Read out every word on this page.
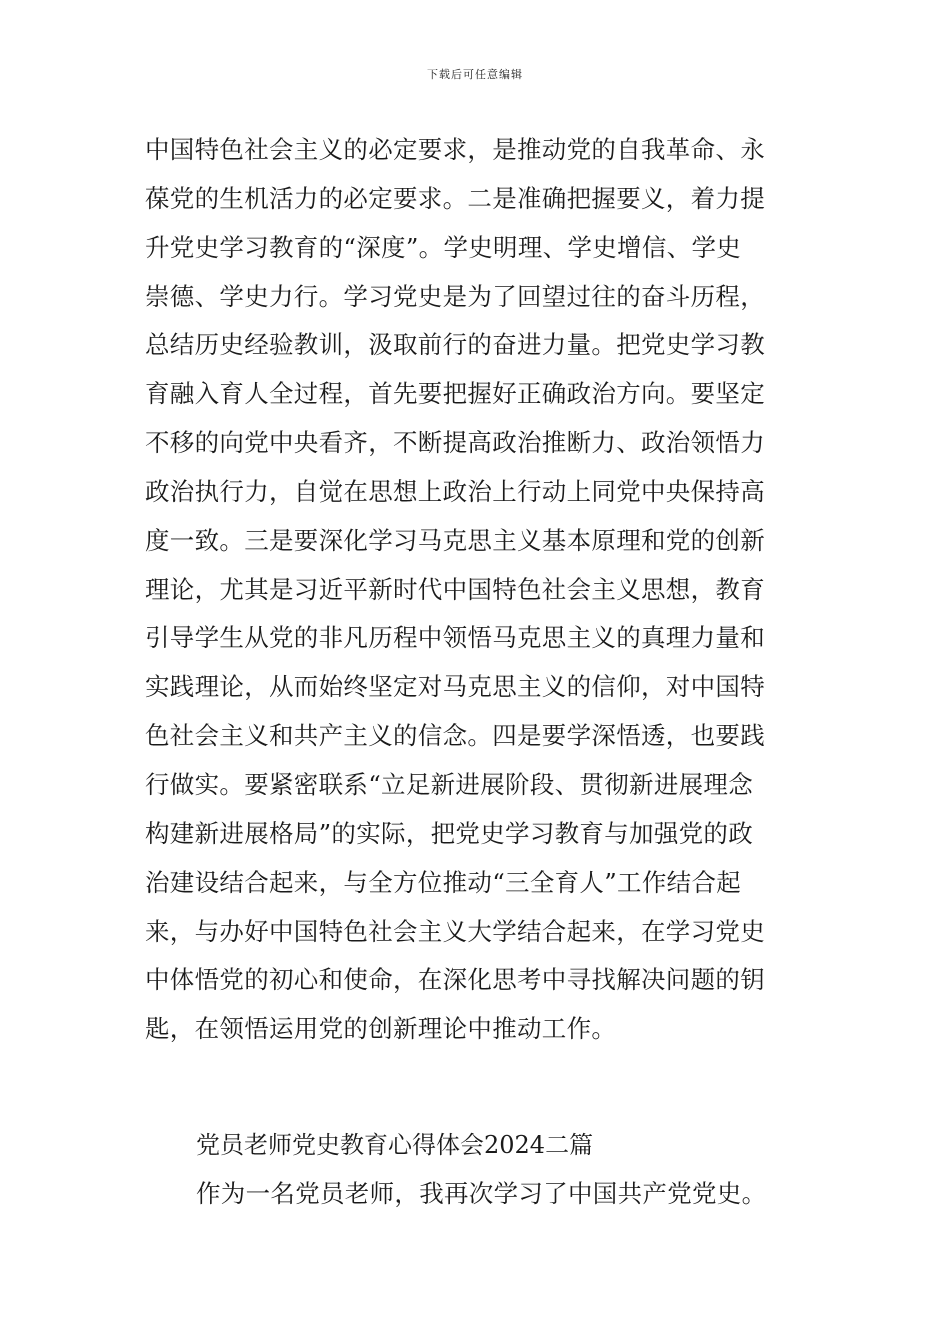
下载后可任意编辑
中国特色社会主义的必定要求，是推动党的自我革命、永
葆党的生机活力的必定要求。二是准确把握要义，着力提
升党史学习教育的“深度”。学史明理、学史增信、学史
崇德、学史力行。学习党史是为了回望过往的奋斗历程，
总结历史经验教训，汲取前行的奋进力量。把党史学习教
育融入育人全过程，首先要把握好正确政治方向。要坚定
不移的向党中央看齐，不断提高政治推断力、政治领悟力
政治执行力，自觉在思想上政治上行动上同党中央保持高
度一致。三是要深化学习马克思主义基本原理和党的创新
理论，尤其是习近平新时代中国特色社会主义思想，教育
引导学生从党的非凡历程中领悟马克思主义的真理力量和
实践理论，从而始终坚定对马克思主义的信仰，对中国特
色社会主义和共产主义的信念。四是要学深悟透，也要践
行做实。要紧密联系“立足新进展阶段、贯彻新进展理念
构建新进展格局”的实际，把党史学习教育与加强党的政
治建设结合起来，与全方位推动“三全育人”工作结合起
来，与办好中国特色社会主义大学结合起来，在学习党史
中体悟党的初心和使命，在深化思考中寻找解决问题的钥
匙，在领悟运用党的创新理论中推动工作。
党员老师党史教育心得体会2024二篇

作为一名党员老师，我再次学习了中国共产党党史。
